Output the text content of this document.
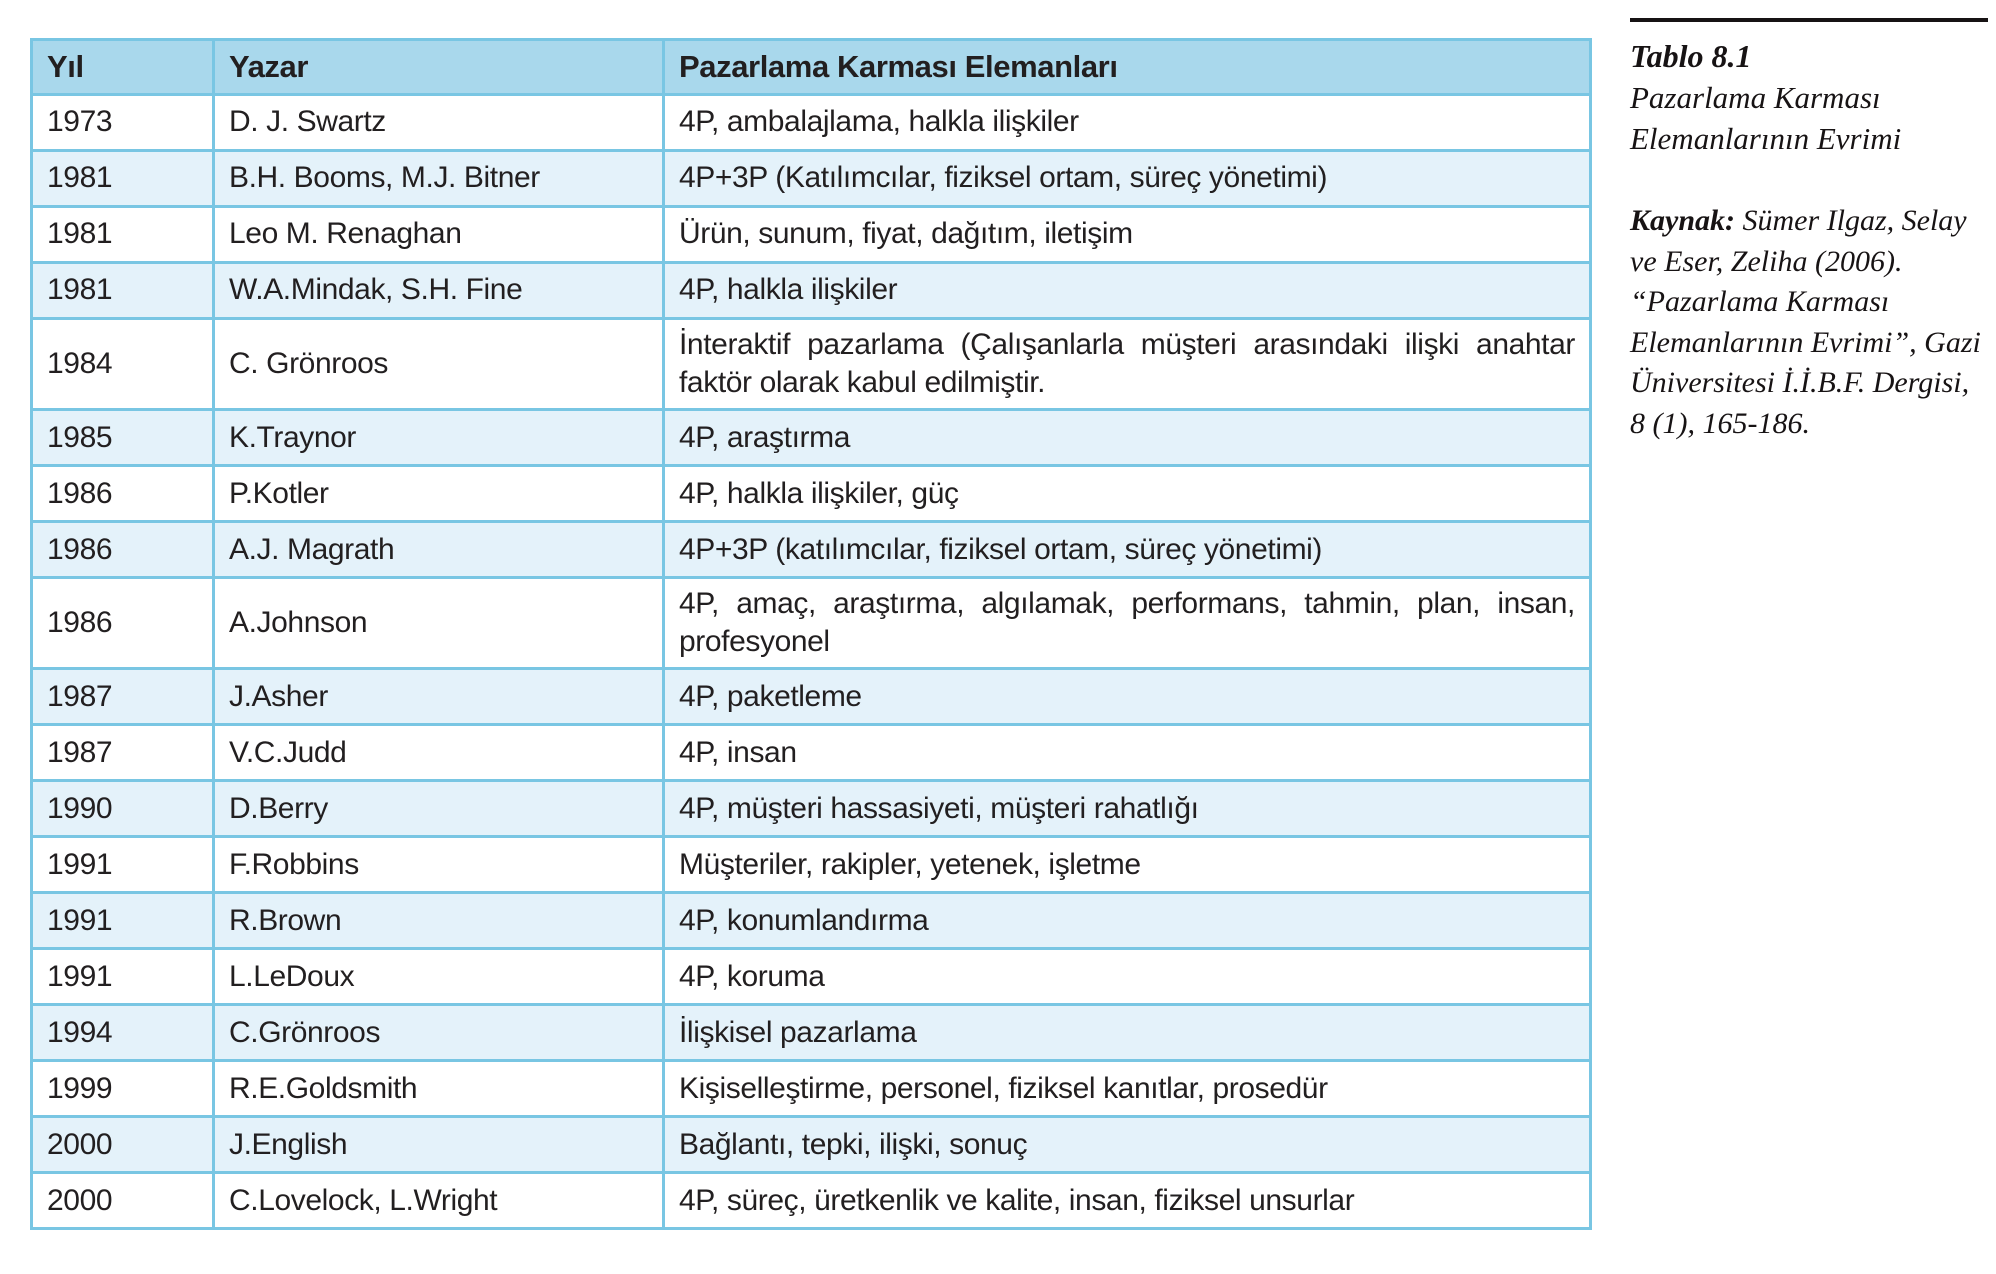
Yıl	Yazar	Pazarlama Karması Elemanları
1973	D. J. Swartz	4P, ambalajlama, halkla ilişkiler
1981	B.H. Booms, M.J. Bitner	4P+3P (Katılımcılar, fiziksel ortam, süreç yönetimi)
1981	Leo M. Renaghan	Ürün, sunum, fiyat, dağıtım, iletişim
1981	W.A.Mindak, S.H. Fine	4P, halkla ilişkiler
1984	C. Grönroos	İnteraktif pazarlama (Çalışanlarla müşteri arasındaki ilişki anahtar faktör olarak kabul edilmiştir.
1985	K.Traynor	4P, araştırma
1986	P.Kotler	4P, halkla ilişkiler, güç
1986	A.J. Magrath	4P+3P (katılımcılar, fiziksel ortam, süreç yönetimi)
1986	A.Johnson	4P, amaç, araştırma, algılamak, performans, tahmin, plan, insan, profesyonel
1987	J.Asher	4P, paketleme
1987	V.C.Judd	4P, insan
1990	D.Berry	4P, müşteri hassasiyeti, müşteri rahatlığı
1991	F.Robbins	Müşteriler, rakipler, yetenek, işletme
1991	R.Brown	4P, konumlandırma
1991	L.LeDoux	4P, koruma
1994	C.Grönroos	İlişkisel pazarlama
1999	R.E.Goldsmith	Kişiselleştirme, personel, fiziksel kanıtlar, prosedür
2000	J.English	Bağlantı, tepki, ilişki, sonuç
2000	C.Lovelock, L.Wright	4P, süreç, üretkenlik ve kalite, insan, fiziksel unsurlar

Tablo 8.1

Pazarlama Karması Elemanlarının Evrimi

Kaynak: Sümer Ilgaz, Selay ve Eser, Zeliha (2006). “Pazarlama Karması Elemanlarının Evrimi”, Gazi Üniversitesi İ.İ.B.F. Dergisi, 8 (1), 165-186.
